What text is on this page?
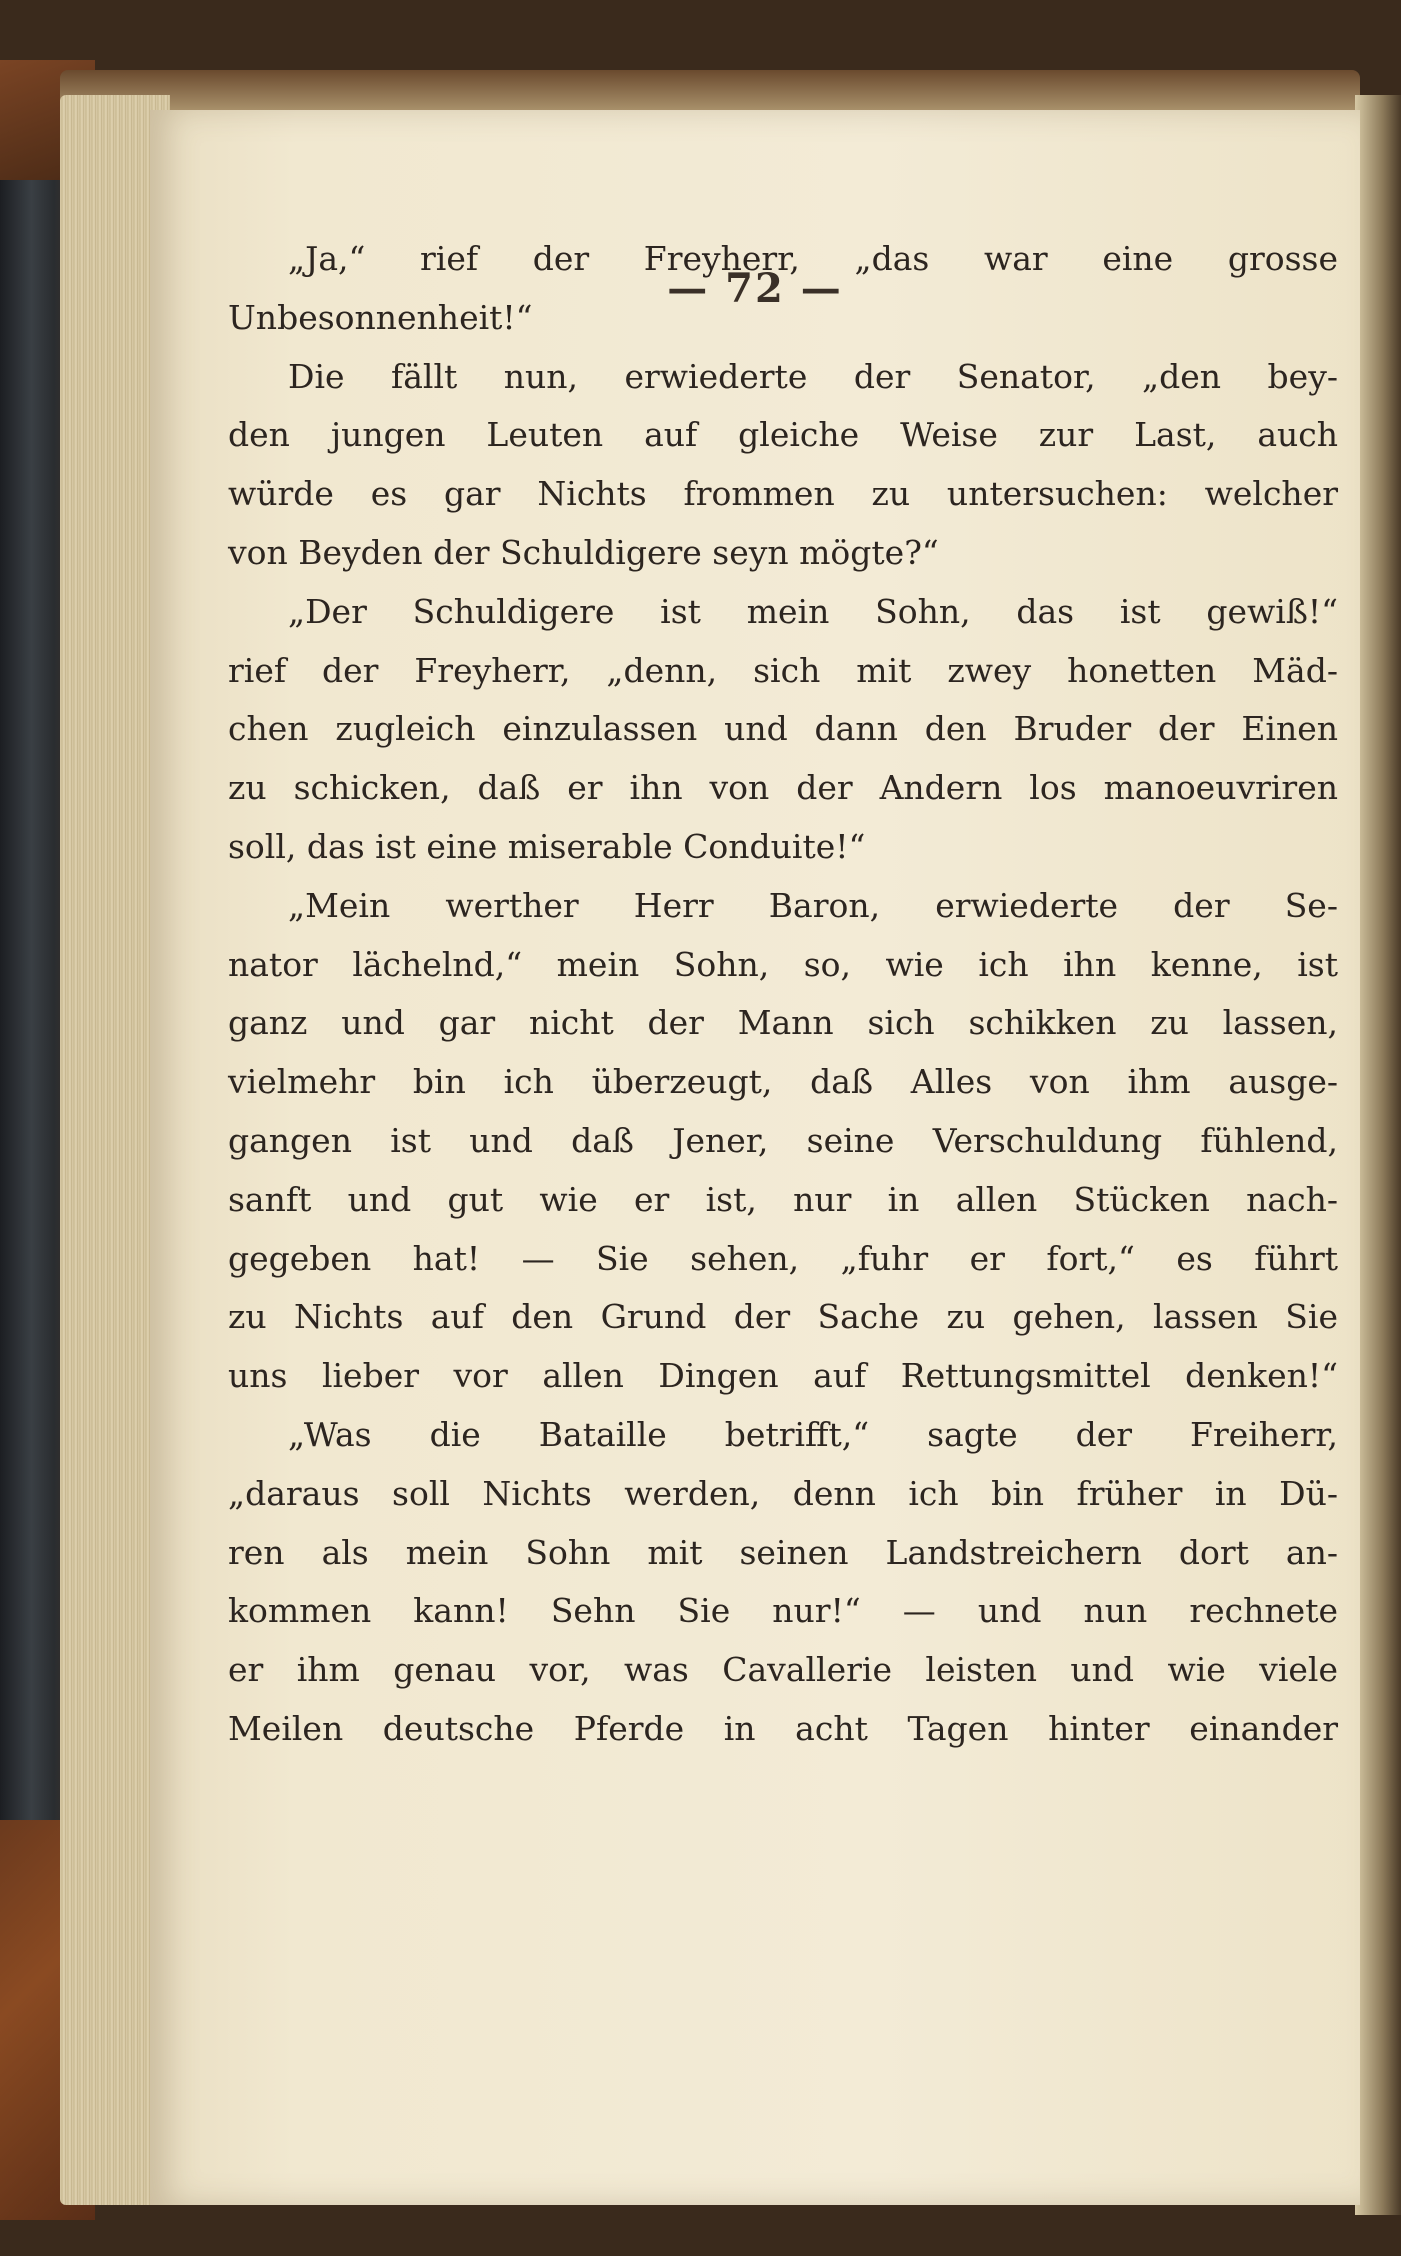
— 72 —
„Ja,“ rief der Freyherr, „das war eine grosse
Unbesonnenheit!“
Die fällt nun, erwiederte der Senator, „den bey-
den jungen Leuten auf gleiche Weise zur Last, auch
würde es gar Nichts frommen zu untersuchen: welcher
von Beyden der Schuldigere seyn mögte?“
„Der Schuldigere ist mein Sohn, das ist gewiß!“
rief der Freyherr, „denn, sich mit zwey honetten Mäd-
chen zugleich einzulassen und dann den Bruder der Einen
zu schicken, daß er ihn von der Andern los manoeuvriren
soll, das ist eine miserable Conduite!“
„Mein werther Herr Baron, erwiederte der Se-
nator lächelnd,“ mein Sohn, so, wie ich ihn kenne, ist
ganz und gar nicht der Mann sich schikken zu lassen,
vielmehr bin ich überzeugt, daß Alles von ihm ausge-
gangen ist und daß Jener, seine Verschuldung fühlend,
sanft und gut wie er ist, nur in allen Stücken nach-
gegeben hat! — Sie sehen, „fuhr er fort,“ es führt
zu Nichts auf den Grund der Sache zu gehen, lassen Sie
uns lieber vor allen Dingen auf Rettungsmittel denken!“
„Was die Bataille betrifft,“ sagte der Freiherr,
„daraus soll Nichts werden, denn ich bin früher in Dü-
ren als mein Sohn mit seinen Landstreichern dort an-
kommen kann! Sehn Sie nur!“ — und nun rechnete
er ihm genau vor, was Cavallerie leisten und wie viele
Meilen deutsche Pferde in acht Tagen hinter einander
